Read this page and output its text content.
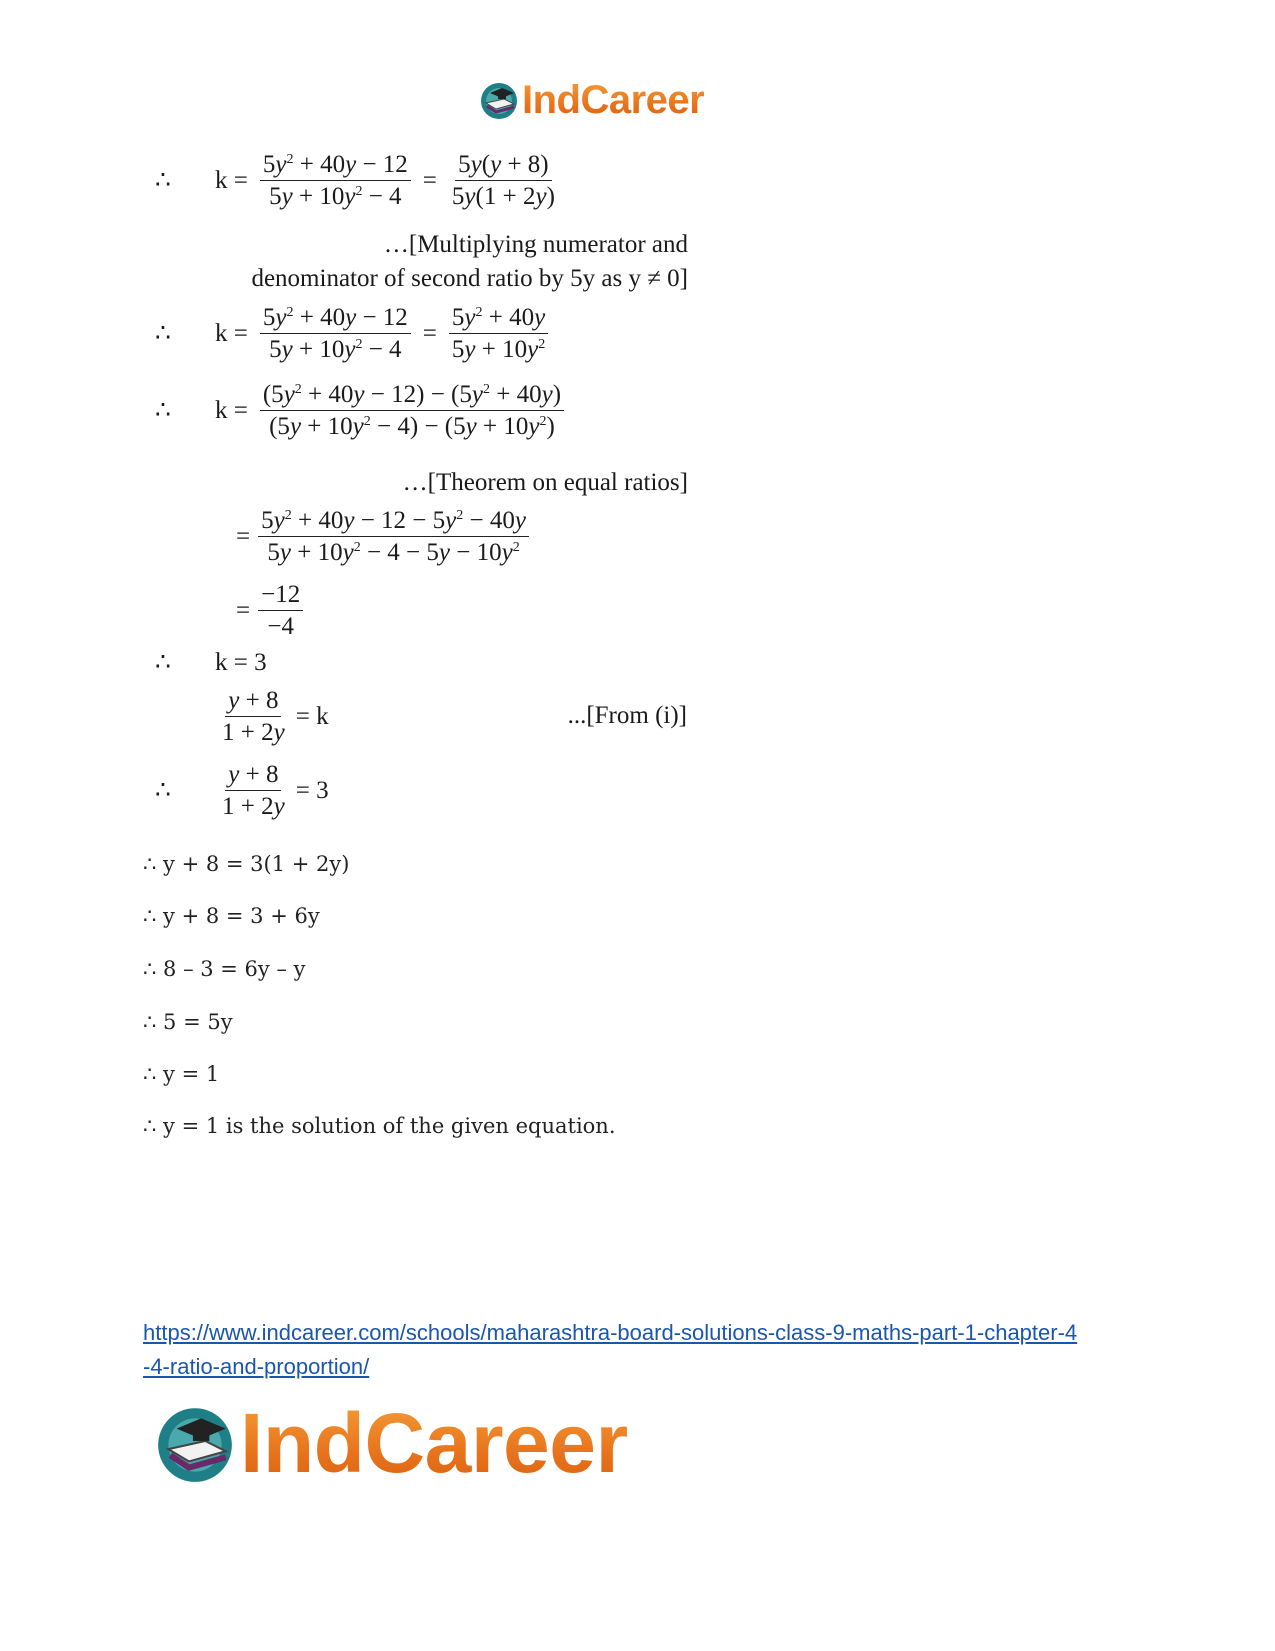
IndCareer
∴	$k = \frac{5y^2 + 40y - 12}{5y + 10y^2 - 4} = \frac{5y(y + 8)}{5y(1 + 2y)}$
…[Multiplying numerator and
denominator of second ratio by 5y as y ≠ 0]
∴	$k = \frac{5y^2 + 40y - 12}{5y + 10y^2 - 4} = \frac{5y^2 + 40y}{5y + 10y^2}$
∴	$k = \frac{(5y^2 + 40y - 12) - (5y^2 + 40y)}{(5y + 10y^2 - 4) - (5y + 10y^2)}$
…[Theorem on equal ratios]
= $\frac{5y^2 + 40y - 12 - 5y^2 - 40y}{5y + 10y^2 - 4 - 5y - 10y^2}$
= $\frac{-12}{-4}$
∴	k = 3
$\frac{y + 8}{1 + 2y} = k$	...[From (i)]
∴	$\frac{y + 8}{1 + 2y} = 3$
∴ y + 8 = 3(1 + 2y)
∴ y + 8 = 3 + 6y
∴ 8 – 3 = 6y – y
∴ 5 = 5y
∴ y = 1
∴ y = 1 is the solution of the given equation.
https://www.indcareer.com/schools/maharashtra-board-solutions-class-9-maths-part-1-chapter-4
-4-ratio-and-proportion/
IndCareer
